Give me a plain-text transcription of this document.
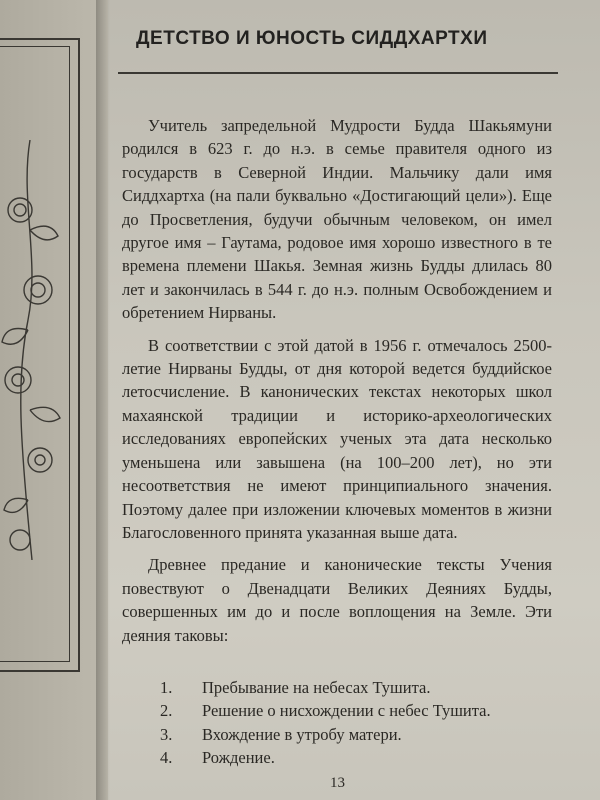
ДЕТСТВО И ЮНОСТЬ СИДДХАРТХИ

Учитель запредельной Мудрости Будда Шакьямуни родился в 623 г. до н.э. в семье правителя одного из государств в Северной Индии. Мальчику дали имя Сиддхартха (на пали буквально «Достигающий цели»). Еще до Просветления, будучи обычным человеком, он имел другое имя – Гаутама, родовое имя хорошо известного в те времена племени Шакья. Земная жизнь Будды длилась 80 лет и закончилась в 544 г. до н.э. полным Освобождением и обретением Нирваны.

В соответствии с этой датой в 1956 г. отмечалось 2500-летие Нирваны Будды, от дня которой ведется буддийское летосчисление. В канонических текстах некоторых школ махаянской традиции и историко-археологических исследованиях европейских ученых эта дата несколько уменьшена или завышена (на 100–200 лет), но эти несоответствия не имеют принципиального значения. Поэтому далее при изложении ключевых моментов в жизни Благословенного принята указанная выше дата.

Древнее предание и канонические тексты Учения повествуют о Двенадцати Великих Деяниях Будды, совершенных им до и после воплощения на Земле. Эти деяния таковы:

1.	Пребывание на небесах Тушита.
2.	Решение о нисхождении с небес Тушита.
3.	Вхождение в утробу матери.
4.	Рождение.
13
